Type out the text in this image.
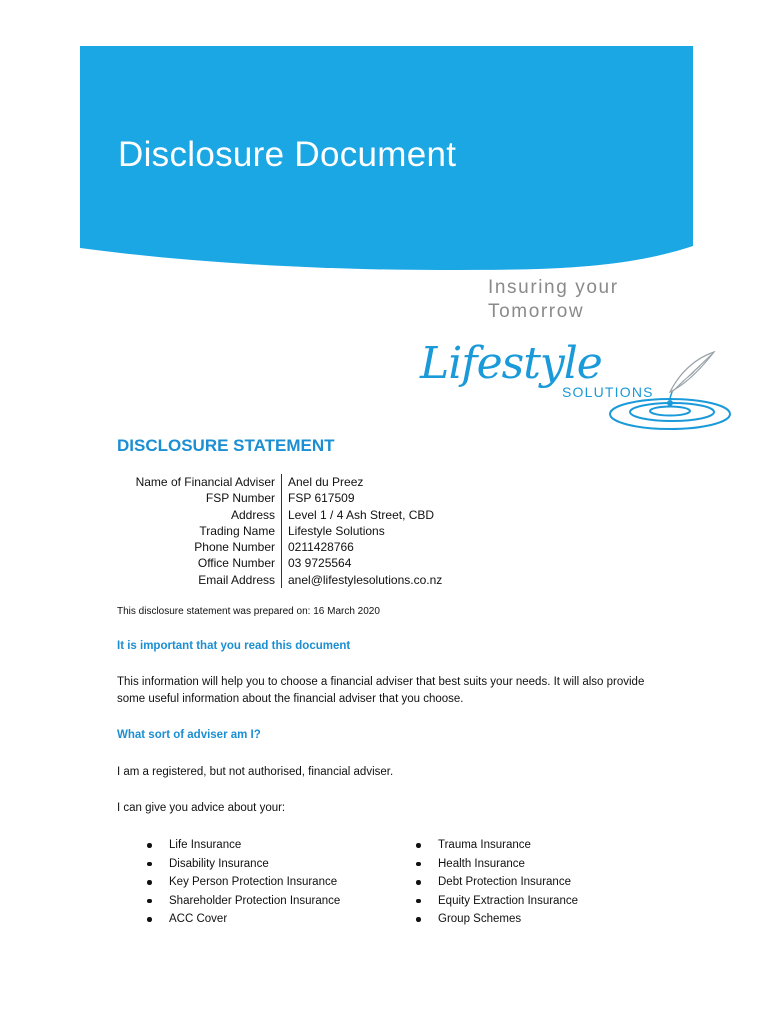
Disclosure Document
Insuring your
Tomorrow
Lifestyle
SOLUTIONS
DISCLOSURE STATEMENT
Name of Financial Adviser	Anel du Preez
FSP Number	FSP 617509
Address	Level 1 / 4 Ash Street, CBD
Trading Name	Lifestyle Solutions
Phone Number	0211428766
Office Number	03 9725564
Email Address	anel@lifestylesolutions.co.nz
This disclosure statement was prepared on: 16 March 2020
It is important that you read this document

This information will help you to choose a financial adviser that best suits your needs. It will also provide some useful information about the financial adviser that you choose.

What sort of adviser am I?

I am a registered, but not authorised, financial adviser.

I can give you advice about your:

Life Insurance
Disability Insurance
Key Person Protection Insurance
Shareholder Protection Insurance
ACC Cover
Trauma Insurance
Health Insurance
Debt Protection Insurance
Equity Extraction Insurance
Group Schemes
